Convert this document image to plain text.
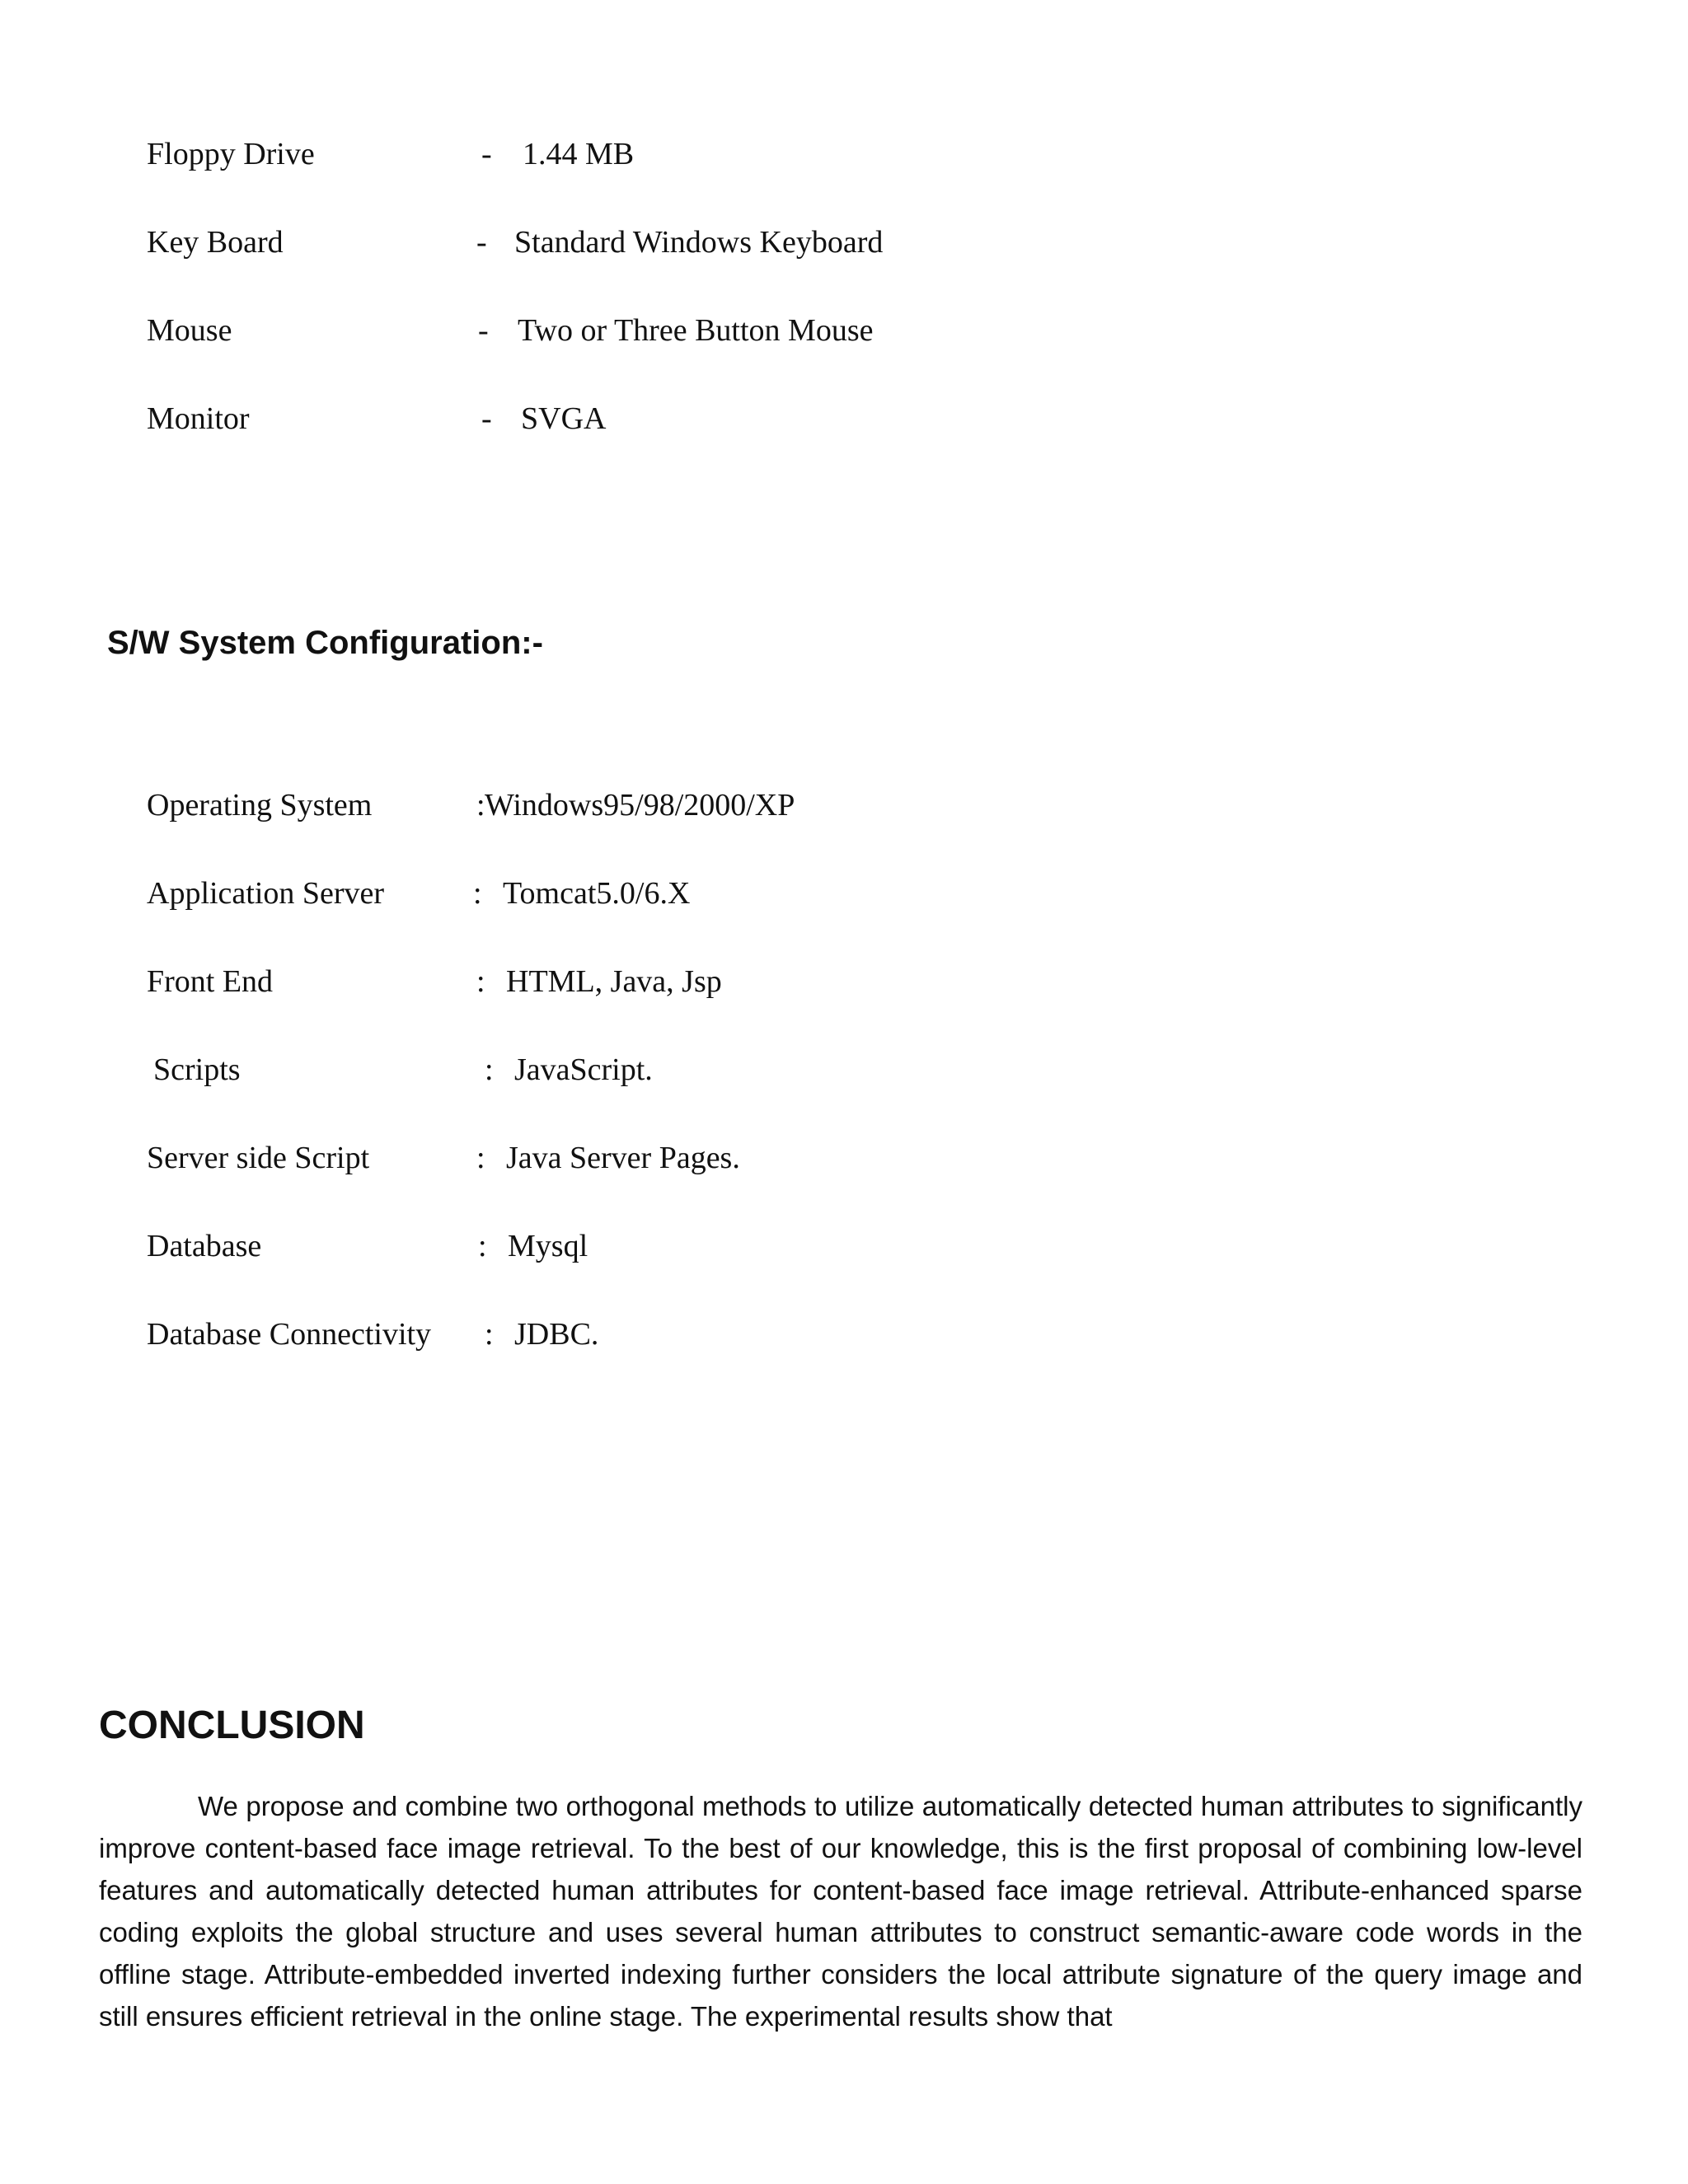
Floppy Drive	- 1.44 MB
Key Board	- Standard Windows Keyboard
Mouse	- Two or Three Button Mouse
Monitor	- SVGA
S/W System Configuration:-
Operating System	: Windows95/98/2000/XP
Application Server	: Tomcat5.0/6.X
Front End	: HTML, Java, Jsp
Scripts	: JavaScript.
Server side Script	: Java Server Pages.
Database	: Mysql
Database Connectivity : JDBC.
CONCLUSION

We propose and combine two orthogonal methods to utilize automatically detected human attributes to significantly improve content-based face image retrieval. To the best of our knowledge, this is the first proposal of combining low-level features and automatically detected human attributes for content-based face image retrieval. Attribute-enhanced sparse coding exploits the global structure and uses several human attributes to construct semantic-aware code words in the offline stage. Attribute-embedded inverted indexing further considers the local attribute signature of the query image and still ensures efficient retrieval in the online stage. The experimental results show that
